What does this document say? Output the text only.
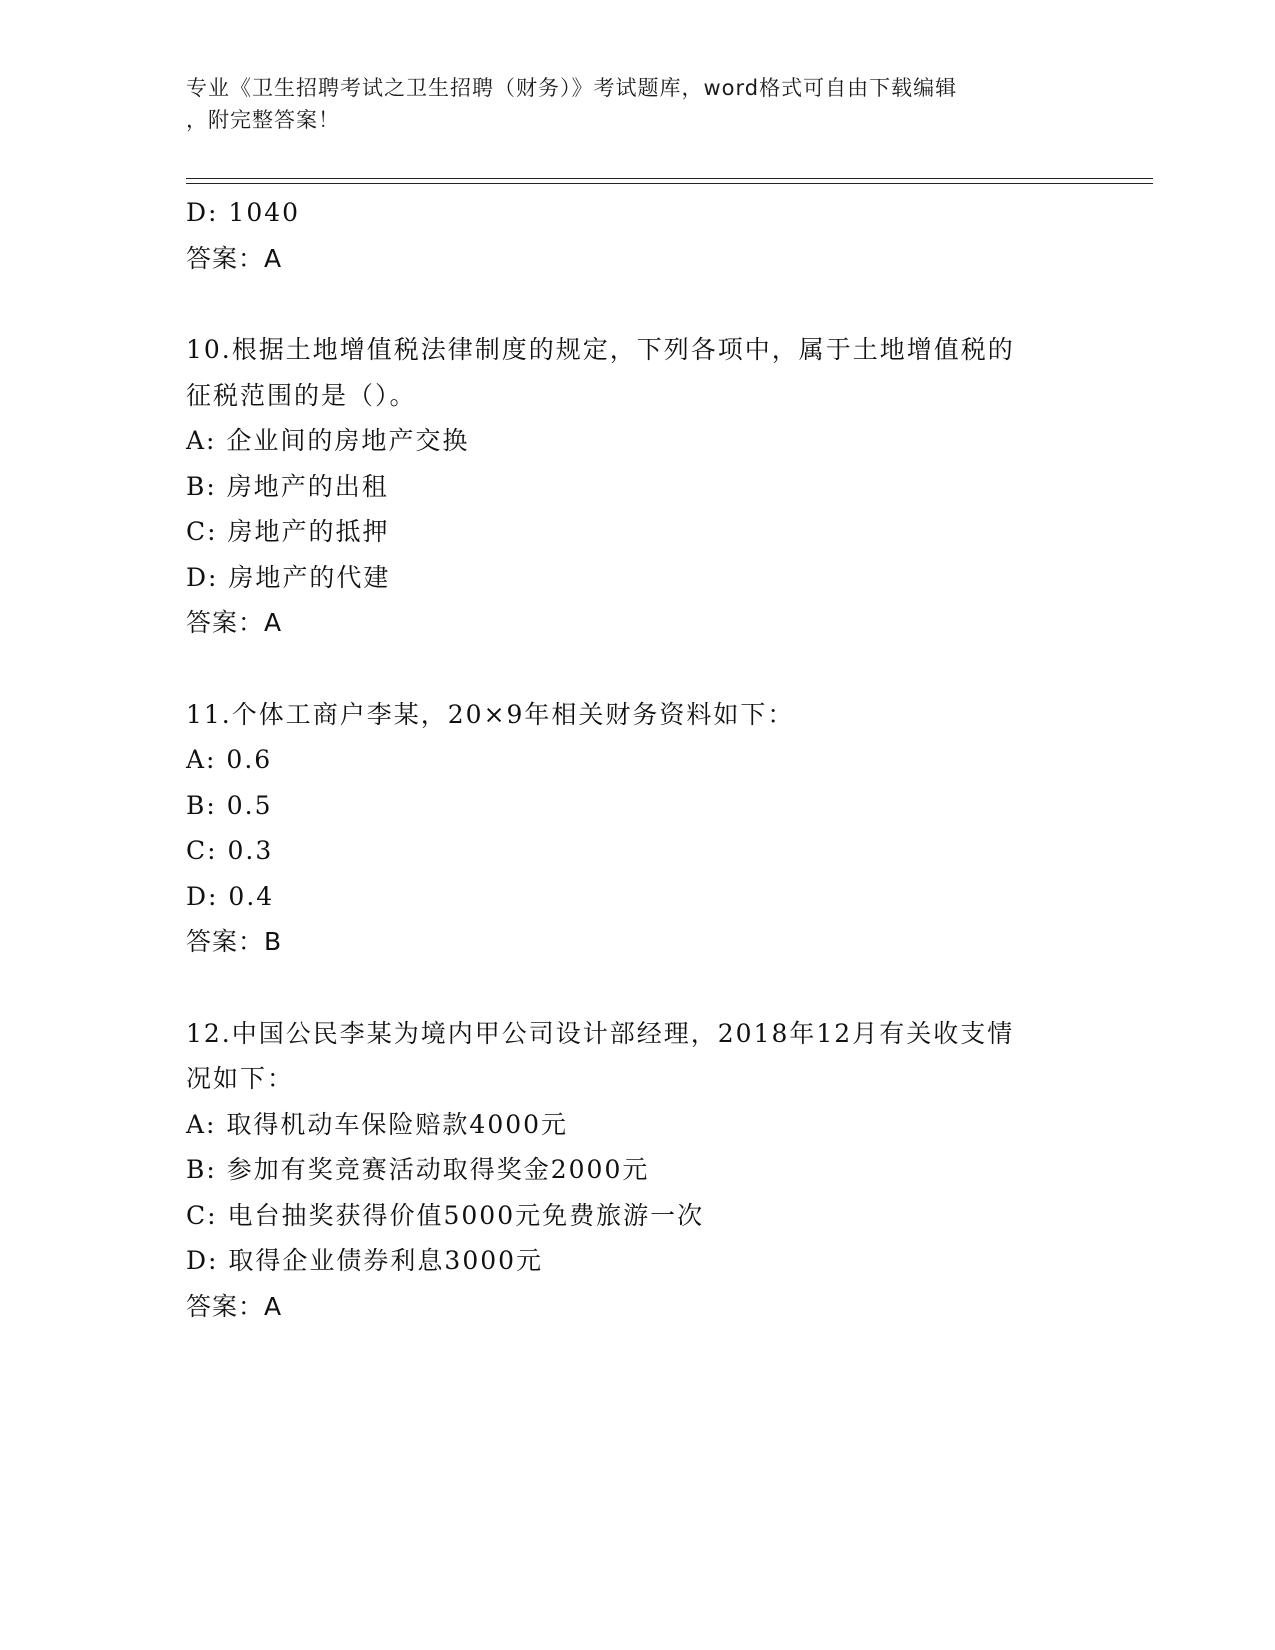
专业《卫生招聘考试之卫生招聘（财务）》考试题库，word格式可自由下载编辑
，附完整答案！
D: 1040
答案：A
10.根据土地增值税法律制度的规定，下列各项中，属于土地增值税的
征税范围的是（）。
A: 企业间的房地产交换
B: 房地产的出租
C: 房地产的抵押
D: 房地产的代建
答案：A
11.个体工商户李某，20×9年相关财务资料如下：
A: 0.6
B: 0.5
C: 0.3
D: 0.4
答案：B
12.中国公民李某为境内甲公司设计部经理，2018年12月有关收支情
况如下：
A: 取得机动车保险赔款4000元
B: 参加有奖竞赛活动取得奖金2000元
C: 电台抽奖获得价值5000元免费旅游一次
D: 取得企业债券利息3000元
答案：A
